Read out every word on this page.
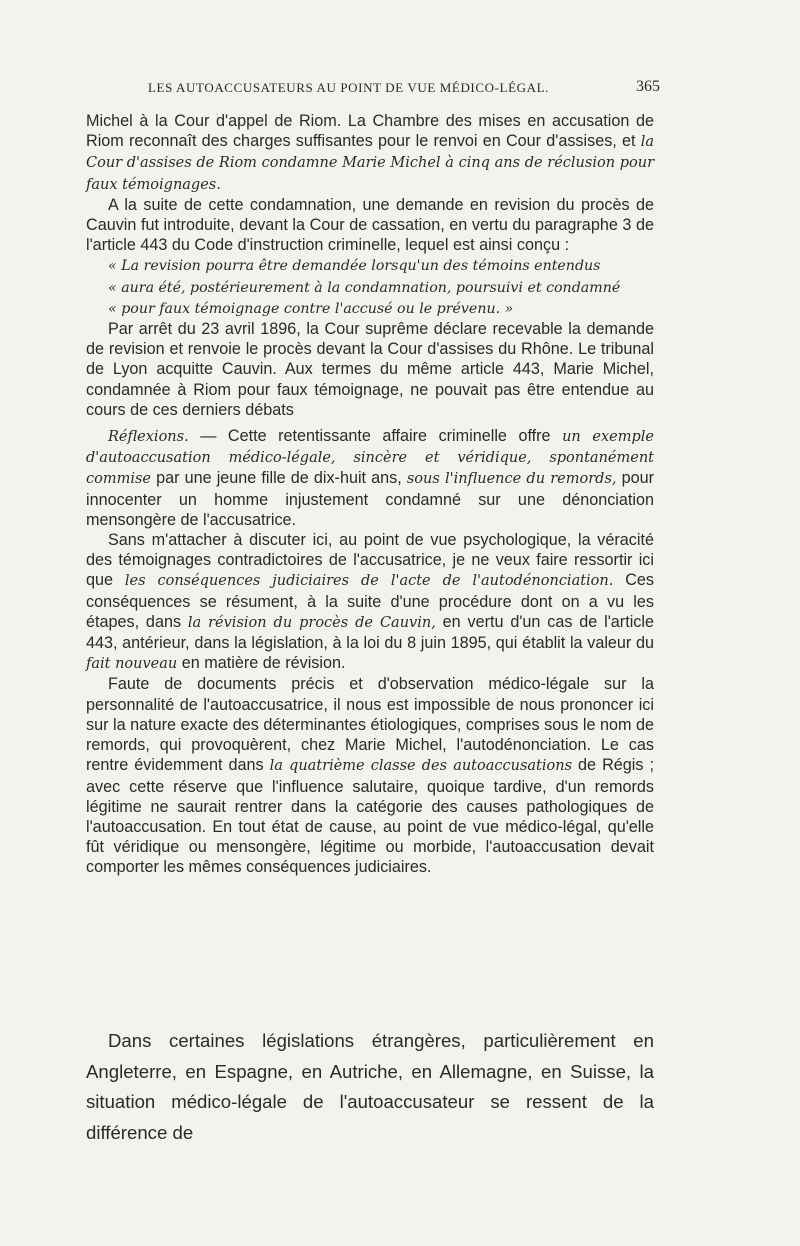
LES AUTOACCUSATEURS AU POINT DE VUE MÉDICO-LÉGAL.	365

Michel à la Cour d'appel de Riom. La Chambre des mises en accusation de Riom reconnaît des charges suffisantes pour le renvoi en Cour d'assises, et la Cour d'assises de Riom condamne Marie Michel à cinq ans de réclusion pour faux témoignages.

A la suite de cette condamnation, une demande en revision du procès de Cauvin fut introduite, devant la Cour de cassation, en vertu du paragraphe 3 de l'article 443 du Code d'instruction criminelle, lequel est ainsi conçu :

« La revision pourra être demandée lorsqu'un des témoins entendus

« aura été, postérieurement à la condamnation, poursuivi et condamné

« pour faux témoignage contre l'accusé ou le prévenu. »

Par arrêt du 23 avril 1896, la Cour suprême déclare recevable la demande de revision et renvoie le procès devant la Cour d'assises du Rhône. Le tribunal de Lyon acquitte Cauvin. Aux termes du même article 443, Marie Michel, condamnée à Riom pour faux témoignage, ne pouvait pas être entendue au cours de ces derniers débats

Réflexions. — Cette retentissante affaire criminelle offre un exemple d'autoaccusation médico-légale, sincère et véridique, spontanément commise par une jeune fille de dix-huit ans, sous l'influence du remords, pour innocenter un homme injustement condamné sur une dénonciation mensongère de l'accusatrice.

Sans m'attacher à discuter ici, au point de vue psychologique, la véracité des témoignages contradictoires de l'accusatrice, je ne veux faire ressortir ici que les conséquences judiciaires de l'acte de l'autodénonciation. Ces conséquences se résument, à la suite d'une procédure dont on a vu les étapes, dans la révision du procès de Cauvin, en vertu d'un cas de l'article 443, antérieur, dans la législation, à la loi du 8 juin 1895, qui établit la valeur du fait nouveau en matière de révision.

Faute de documents précis et d'observation médico-légale sur la personnalité de l'autoaccusatrice, il nous est impossible de nous prononcer ici sur la nature exacte des déterminantes étiologiques, comprises sous le nom de remords, qui provoquèrent, chez Marie Michel, l'autodénonciation. Le cas rentre évidemment dans la quatrième classe des autoaccusations de Régis ; avec cette réserve que l'influence salutaire, quoique tardive, d'un remords légitime ne saurait rentrer dans la catégorie des causes pathologiques de l'autoaccusation. En tout état de cause, au point de vue médico-légal, qu'elle fût véridique ou mensongère, légitime ou morbide, l'autoaccusation devait comporter les mêmes conséquences judiciaires.

Dans certaines législations étrangères, particulièrement en Angleterre, en Espagne, en Autriche, en Allemagne, en Suisse, la situation médico-légale de l'autoaccusateur se ressent de la différence de
